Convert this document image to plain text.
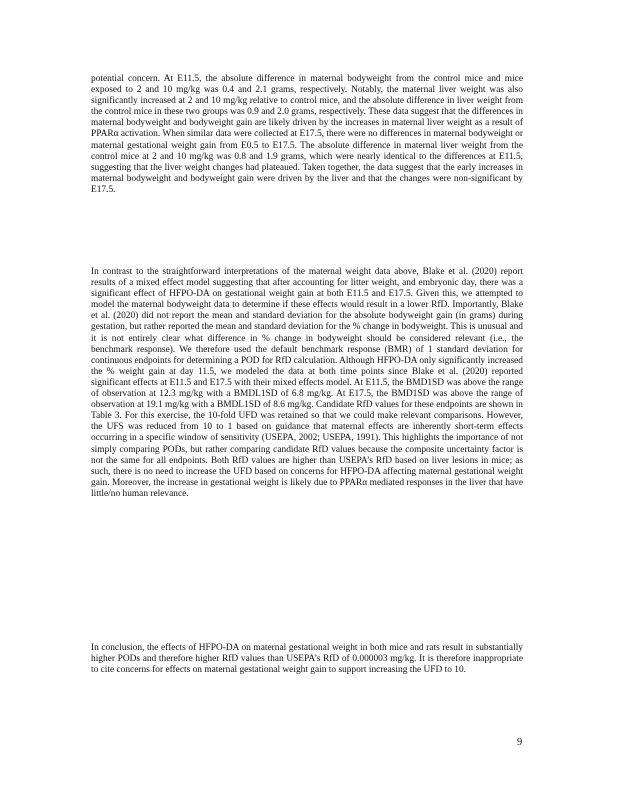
potential concern. At E11.5, the absolute difference in maternal bodyweight from the control mice and mice exposed to 2 and 10 mg/kg was 0.4 and 2.1 grams, respectively. Notably, the maternal liver weight was also significantly increased at 2 and 10 mg/kg relative to control mice, and the absolute difference in liver weight from the control mice in these two groups was 0.9 and 2.0 grams, respectively. These data suggest that the differences in maternal bodyweight and bodyweight gain are likely driven by the increases in maternal liver weight as a result of PPARα activation. When similar data were collected at E17.5, there were no differences in maternal bodyweight or maternal gestational weight gain from E0.5 to E17.5. The absolute difference in maternal liver weight from the control mice at 2 and 10 mg/kg was 0.8 and 1.9 grams, which were nearly identical to the differences at E11.5, suggesting that the liver weight changes had plateaued. Taken together, the data suggest that the early increases in maternal bodyweight and bodyweight gain were driven by the liver and that the changes were non-significant by E17.5.

In contrast to the straightforward interpretations of the maternal weight data above, Blake et al. (2020) report results of a mixed effect model suggesting that after accounting for litter weight, and embryonic day, there was a significant effect of HFPO-DA on gestational weight gain at both E11.5 and E17.5. Given this, we attempted to model the maternal bodyweight data to determine if these effects would result in a lower RfD. Importantly, Blake et al. (2020) did not report the mean and standard deviation for the absolute bodyweight gain (in grams) during gestation, but rather reported the mean and standard deviation for the % change in bodyweight. This is unusual and it is not entirely clear what difference in % change in bodyweight should be considered relevant (i.e., the benchmark response). We therefore used the default benchmark response (BMR) of 1 standard deviation for continuous endpoints for determining a POD for RfD calculation. Although HFPO-DA only significantly increased the % weight gain at day 11.5, we modeled the data at both time points since Blake et al. (2020) reported significant effects at E11.5 and E17.5 with their mixed effects model. At E11.5, the BMD1SD was above the range of observation at 12.3 mg/kg with a BMDL1SD of 6.8 mg/kg. At E17.5, the BMD1SD was above the range of observation at 19.1 mg/kg with a BMDL1SD of 8.6 mg/kg. Candidate RfD values for these endpoints are shown in Table 3. For this exercise, the 10-fold UFD was retained so that we could make relevant comparisons. However, the UFS was reduced from 10 to 1 based on guidance that maternal effects are inherently short-term effects occurring in a specific window of sensitivity (USEPA, 2002; USEPA, 1991). This highlights the importance of not simply comparing PODs, but rather comparing candidate RfD values because the composite uncertainty factor is not the same for all endpoints. Both RfD values are higher than USEPA’s RfD based on liver lesions in mice; as such, there is no need to increase the UFD based on concerns for HFPO-DA affecting maternal gestational weight gain. Moreover, the increase in gestational weight is likely due to PPARα mediated responses in the liver that have little/no human relevance.

In conclusion, the effects of HFPO-DA on maternal gestational weight in both mice and rats result in substantially higher PODs and therefore higher RfD values than USEPA’s RfD of 0.000003 mg/kg. It is therefore inappropriate to cite concerns for effects on maternal gestational weight gain to support increasing the UFD to 10.

9
